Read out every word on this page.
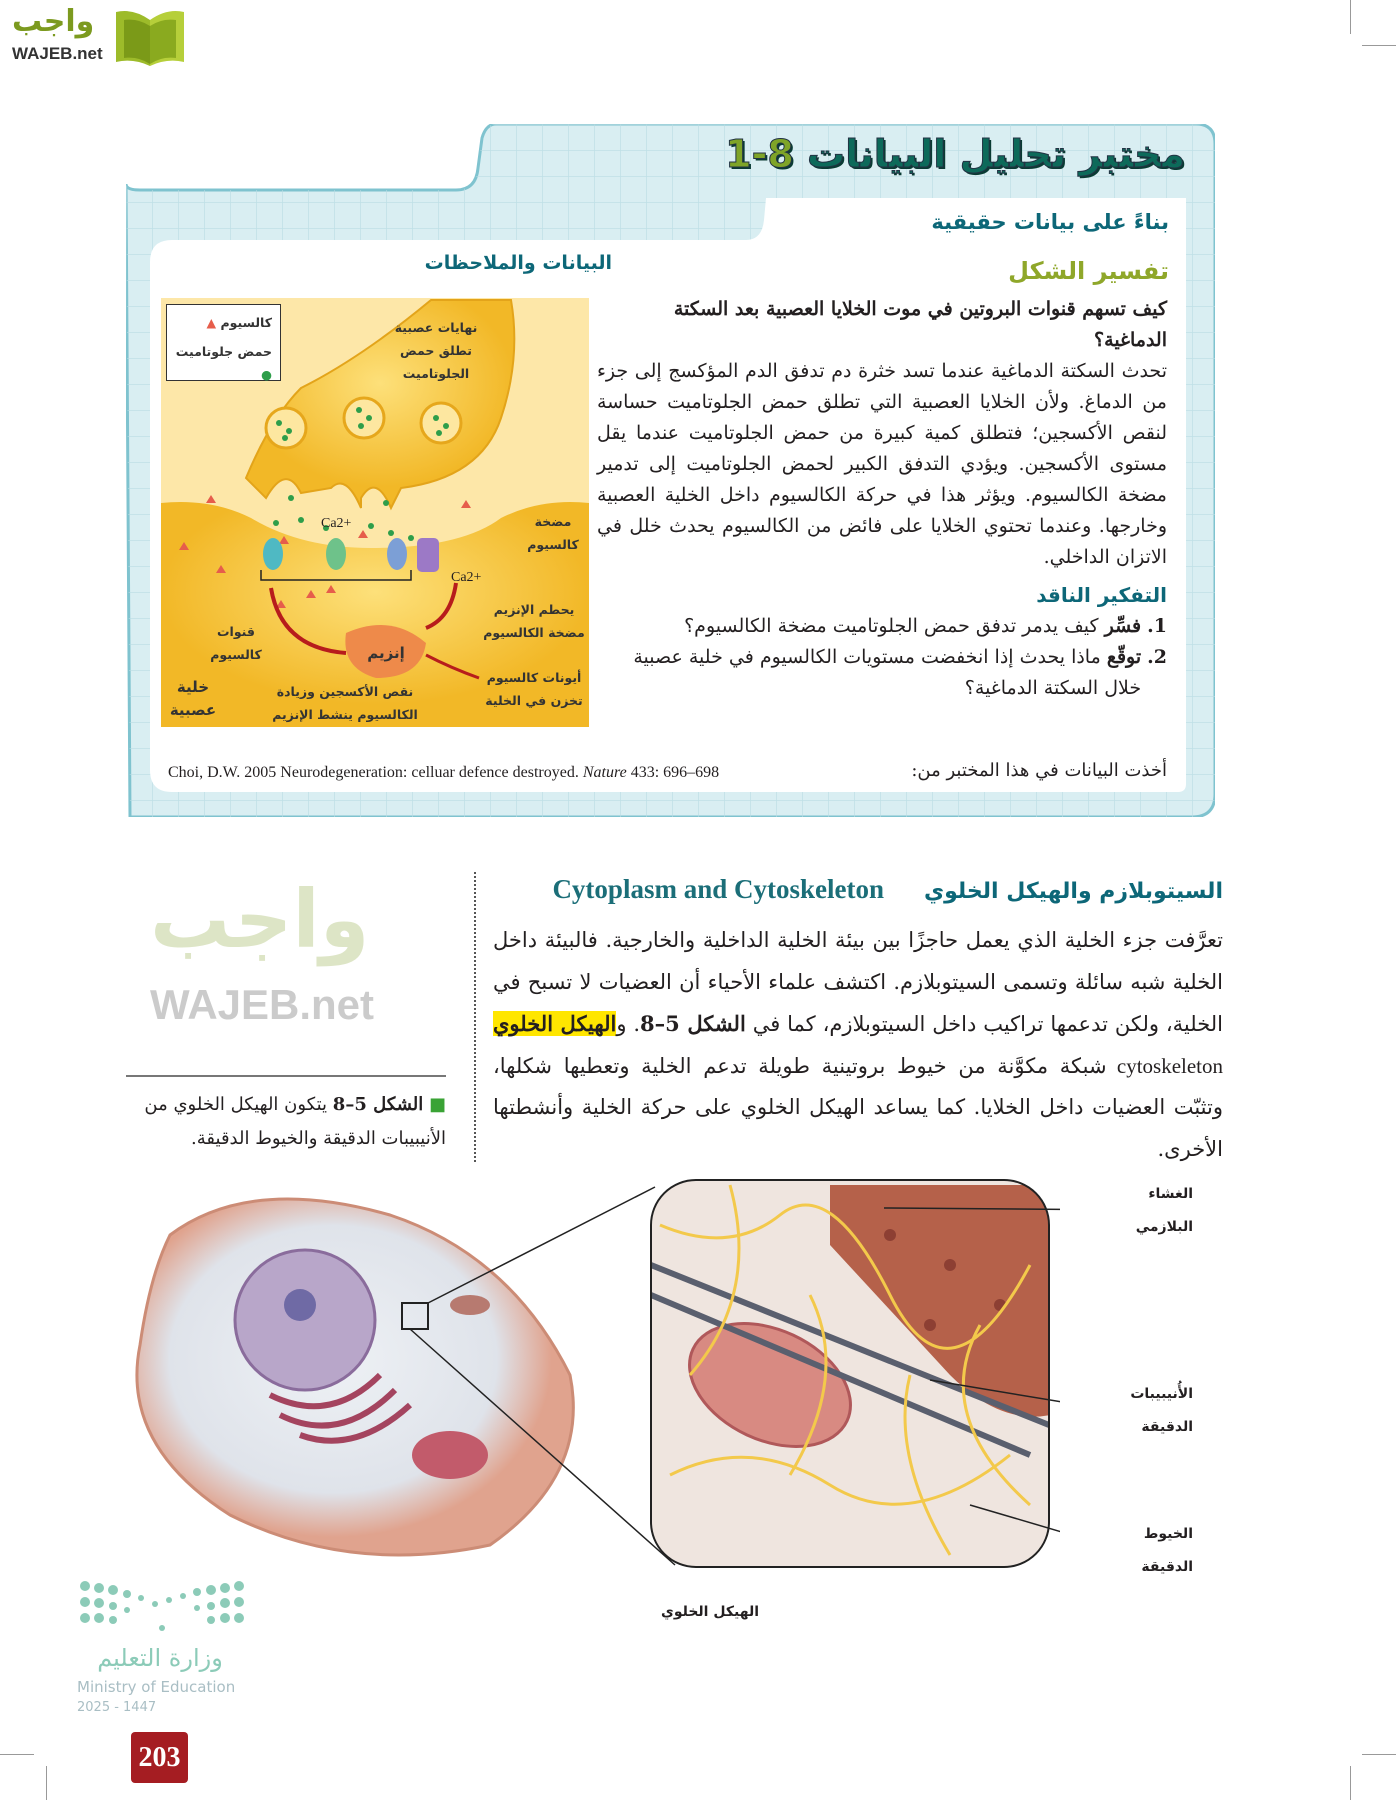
واجب
WAJEB.net
مختبر تحليل البيانات 8-1
بناءً على بيانات حقيقية
تفسير الشكل
كيف تسهم قنوات البروتين في موت الخلايا العصبية بعد السكتة الدماغية؟
تحدث السكتة الدماغية عندما تسد خثرة دم تدفق الدم المؤكسج إلى جزء من الدماغ. ولأن الخلايا العصبية التي تطلق حمض الجلوتاميت حساسة لنقص الأكسجين؛ فتطلق كمية كبيرة من حمض الجلوتاميت عندما يقل مستوى الأكسجين. ويؤدي التدفق الكبير لحمض الجلوتاميت إلى تدمير مضخة الكالسيوم. ويؤثر هذا في حركة الكالسيوم داخل الخلية العصبية وخارجها. وعندما تحتوي الخلايا على فائض من الكالسيوم يحدث خلل في الاتزان الداخلي.
التفكير الناقد
1.
فسِّر كيف يدمر تدفق حمض الجلوتاميت مضخة الكالسيوم؟
2.
توقّع ماذا يحدث إذا انخفضت مستويات الكالسيوم في خلية عصبية خلال السكتة الدماغية؟
أخذت البيانات في هذا المختبر من:
Choi, D.W. 2005 Neurodegeneration: celluar defence destroyed. Nature 433: 696–698
البيانات والملاحظات
كالسيوم ▲
حمض جلوتاميت ●
نهايات عصبية تطلق حمض الجلوتاميت
Ca2+
Ca2+
مضخة كالسيوم
يحطم الإنزيم مضخة الكالسيوم
قنوات كالسيوم	إنزيم
أيونات كالسيوم تخزن في الخلية
نقص الأكسجين وزيادة الكالسيوم ينشط الإنزيم
خلية عصبية
واجب
WAJEB.net
السيتوبلازم والهيكل الخلوي
Cytoplasm and Cytoskeleton
تعرَّفت جزء الخلية الذي يعمل حاجزًا بين بيئة الخلية الداخلية والخارجية. فالبيئة داخل الخلية شبه سائلة وتسمى السيتوبلازم. اكتشف علماء الأحياء أن العضيات لا تسبح في الخلية، ولكن تدعمها تراكيب داخل السيتوبلازم، كما في الشكل 5–8. والهيكل الخلوي cytoskeleton شبكة مكوَّنة من خيوط بروتينية طويلة تدعم الخلية وتعطيها شكلها، وتثبّت العضيات داخل الخلايا. كما يساعد الهيكل الخلوي على حركة الخلية وأنشطتها الأخرى.
■ الشكل 5–8 يتكون الهيكل الخلوي من الأنيبيبات الدقيقة والخيوط الدقيقة.
الغشاء البلازمي
الأُنيبيبات الدقيقة
الخيوط الدقيقة
الهيكل الخلوي
وزارة التعليم
Ministry of Education
2025 - 1447
203
